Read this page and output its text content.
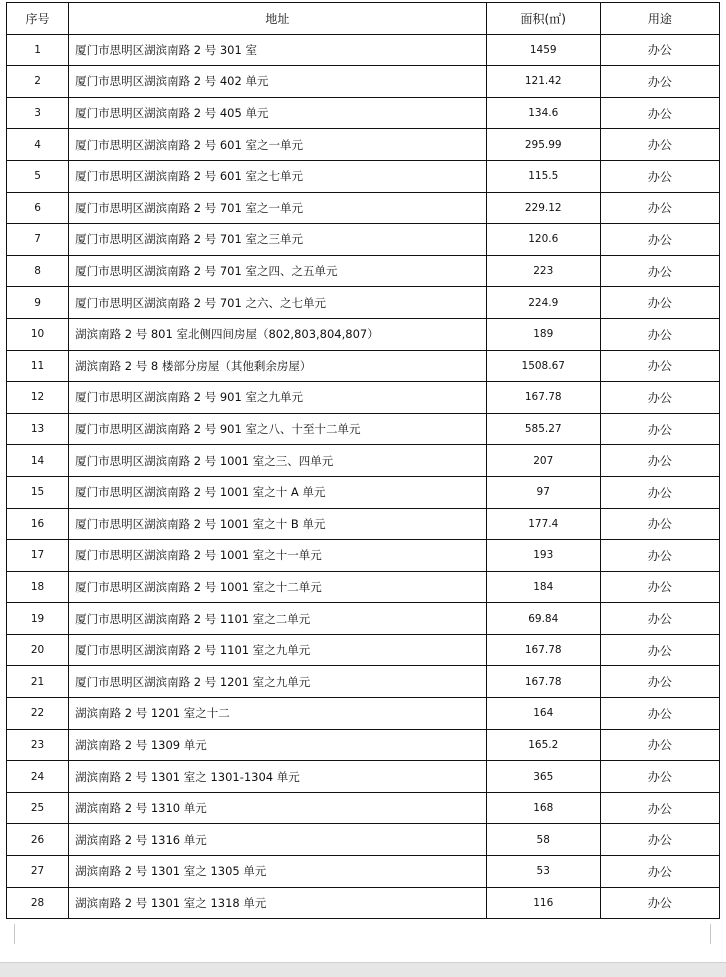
序号	地址	面积(㎡)	用途
1	厦门市思明区湖滨南路 2 号 301 室	1459	办公
2	厦门市思明区湖滨南路 2 号 402 单元	121.42	办公
3	厦门市思明区湖滨南路 2 号 405 单元	134.6	办公
4	厦门市思明区湖滨南路 2 号 601 室之一单元	295.99	办公
5	厦门市思明区湖滨南路 2 号 601 室之七单元	115.5	办公
6	厦门市思明区湖滨南路 2 号 701 室之一单元	229.12	办公
7	厦门市思明区湖滨南路 2 号 701 室之三单元	120.6	办公
8	厦门市思明区湖滨南路 2 号 701 室之四、之五单元	223	办公
9	厦门市思明区湖滨南路 2 号 701 之六、之七单元	224.9	办公
10	湖滨南路 2 号 801 室北侧四间房屋（802,803,804,807）	189	办公
11	湖滨南路 2 号 8 楼部分房屋（其他剩余房屋）	1508.67	办公
12	厦门市思明区湖滨南路 2 号 901 室之九单元	167.78	办公
13	厦门市思明区湖滨南路 2 号 901 室之八、十至十二单元	585.27	办公
14	厦门市思明区湖滨南路 2 号 1001 室之三、四单元	207	办公
15	厦门市思明区湖滨南路 2 号 1001 室之十 A 单元	97	办公
16	厦门市思明区湖滨南路 2 号 1001 室之十 B 单元	177.4	办公
17	厦门市思明区湖滨南路 2 号 1001 室之十一单元	193	办公
18	厦门市思明区湖滨南路 2 号 1001 室之十二单元	184	办公
19	厦门市思明区湖滨南路 2 号 1101 室之二单元	69.84	办公
20	厦门市思明区湖滨南路 2 号 1101 室之九单元	167.78	办公
21	厦门市思明区湖滨南路 2 号 1201 室之九单元	167.78	办公
22	湖滨南路 2 号 1201 室之十二	164	办公
23	湖滨南路 2 号 1309 单元	165.2	办公
24	湖滨南路 2 号 1301 室之 1301-1304 单元	365	办公
25	湖滨南路 2 号 1310 单元	168	办公
26	湖滨南路 2 号 1316 单元	58	办公
27	湖滨南路 2 号 1301 室之 1305 单元	53	办公
28	湖滨南路 2 号 1301 室之 1318 单元	116	办公
